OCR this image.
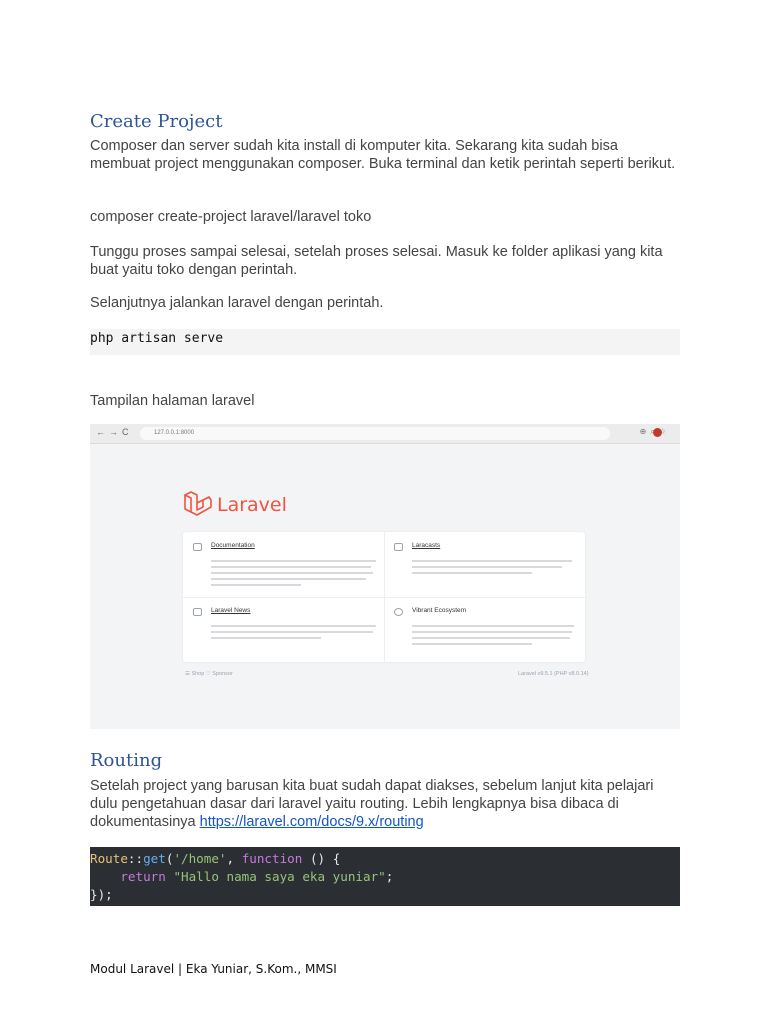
Create Project
Composer dan server sudah kita install di komputer kita. Sekarang kita sudah bisa membuat project menggunakan composer. Buka terminal dan ketik perintah seperti berikut.
composer create-project laravel/laravel toko
Tunggu proses sampai selesai, setelah proses selesai. Masuk ke folder aplikasi yang kita buat yaitu toko dengan perintah.
Selanjutnya jalankan laravel dengan perintah.
php artisan serve
Tampilan halaman laravel
←→C	127.0.0.1:8000	⊕⌕☆
Laravel
Documentation	Laracasts
Laravel News	Vibrant Ecosystem
☰ Shop ♡ Sponsor	Laravel v9.5.1 (PHP v8.0.14)
Routing
Setelah project yang barusan kita buat sudah dapat diakses, sebelum lanjut kita pelajari dulu pengetahuan dasar dari laravel yaitu routing. Lebih lengkapnya bisa dibaca di dokumentasinya https://laravel.com/docs/9.x/routing
Route::get('/home', function () {
return "Hallo nama saya eka yuniar";
});
Modul Laravel | Eka Yuniar, S.Kom., MMSI
